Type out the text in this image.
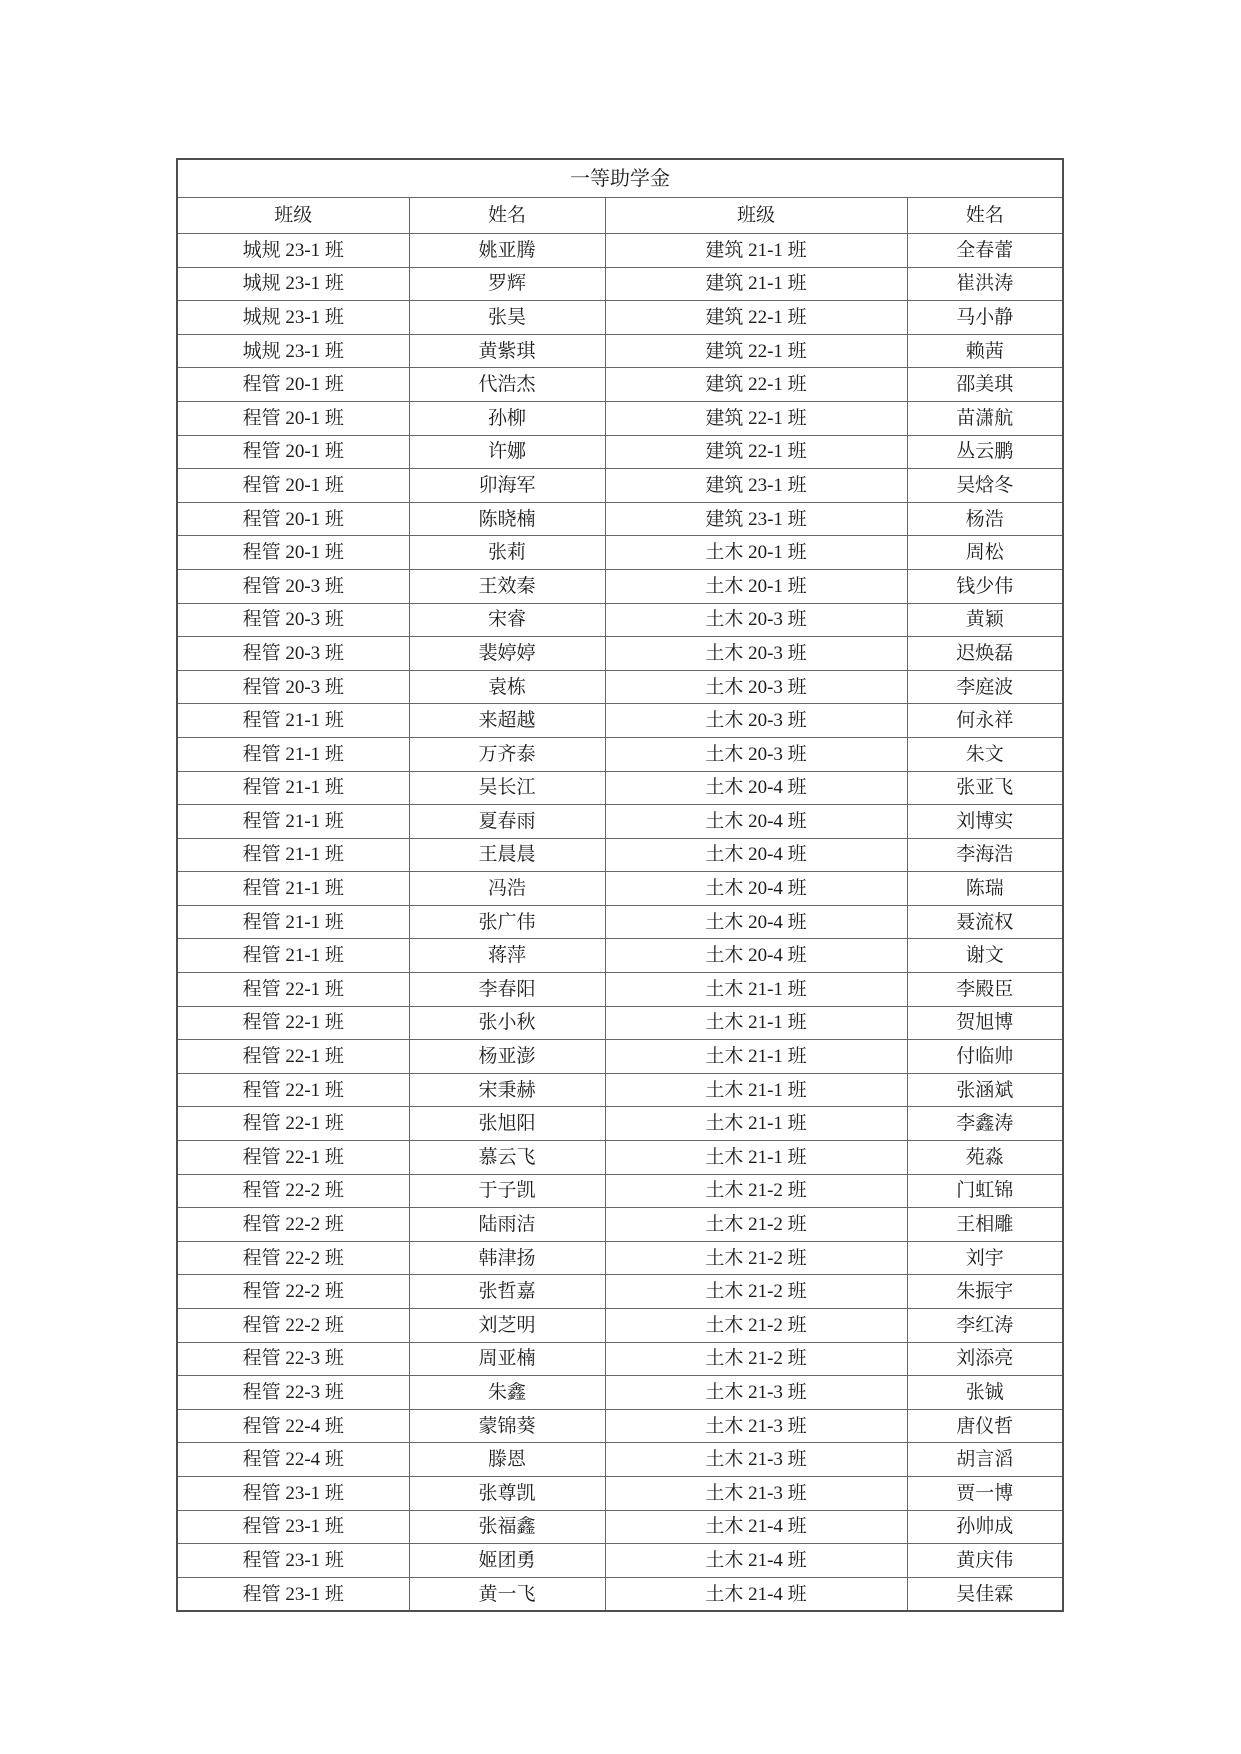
一等助学金			
班级	姓名	班级	姓名
城规 23-1 班	姚亚腾	建筑 21-1 班	全春蕾
城规 23-1 班	罗辉	建筑 21-1 班	崔洪涛
城规 23-1 班	张昊	建筑 22-1 班	马小静
城规 23-1 班	黄紫琪	建筑 22-1 班	赖茜
程管 20-1 班	代浩杰	建筑 22-1 班	邵美琪
程管 20-1 班	孙柳	建筑 22-1 班	苗潇航
程管 20-1 班	许娜	建筑 22-1 班	丛云鹏
程管 20-1 班	卯海军	建筑 23-1 班	吴焓冬
程管 20-1 班	陈晓楠	建筑 23-1 班	杨浩
程管 20-1 班	张莉	土木 20-1 班	周松
程管 20-3 班	王效秦	土木 20-1 班	钱少伟
程管 20-3 班	宋睿	土木 20-3 班	黄颖
程管 20-3 班	裴婷婷	土木 20-3 班	迟焕磊
程管 20-3 班	袁栋	土木 20-3 班	李庭波
程管 21-1 班	来超越	土木 20-3 班	何永祥
程管 21-1 班	万齐泰	土木 20-3 班	朱文
程管 21-1 班	吴长江	土木 20-4 班	张亚飞
程管 21-1 班	夏春雨	土木 20-4 班	刘博实
程管 21-1 班	王晨晨	土木 20-4 班	李海浩
程管 21-1 班	冯浩	土木 20-4 班	陈瑞
程管 21-1 班	张广伟	土木 20-4 班	聂流权
程管 21-1 班	蒋萍	土木 20-4 班	谢文
程管 22-1 班	李春阳	土木 21-1 班	李殿臣
程管 22-1 班	张小秋	土木 21-1 班	贺旭博
程管 22-1 班	杨亚澎	土木 21-1 班	付临帅
程管 22-1 班	宋秉赫	土木 21-1 班	张涵斌
程管 22-1 班	张旭阳	土木 21-1 班	李鑫涛
程管 22-1 班	慕云飞	土木 21-1 班	苑淼
程管 22-2 班	于子凯	土木 21-2 班	门虹锦
程管 22-2 班	陆雨洁	土木 21-2 班	王相雕
程管 22-2 班	韩津扬	土木 21-2 班	刘宇
程管 22-2 班	张哲嘉	土木 21-2 班	朱振宇
程管 22-2 班	刘芝明	土木 21-2 班	李红涛
程管 22-3 班	周亚楠	土木 21-2 班	刘添亮
程管 22-3 班	朱鑫	土木 21-3 班	张铖
程管 22-4 班	蒙锦葵	土木 21-3 班	唐仪哲
程管 22-4 班	滕恩	土木 21-3 班	胡言滔
程管 23-1 班	张尊凯	土木 21-3 班	贾一博
程管 23-1 班	张福鑫	土木 21-4 班	孙帅成
程管 23-1 班	姬团勇	土木 21-4 班	黄庆伟
程管 23-1 班	黄一飞	土木 21-4 班	吴佳霖
